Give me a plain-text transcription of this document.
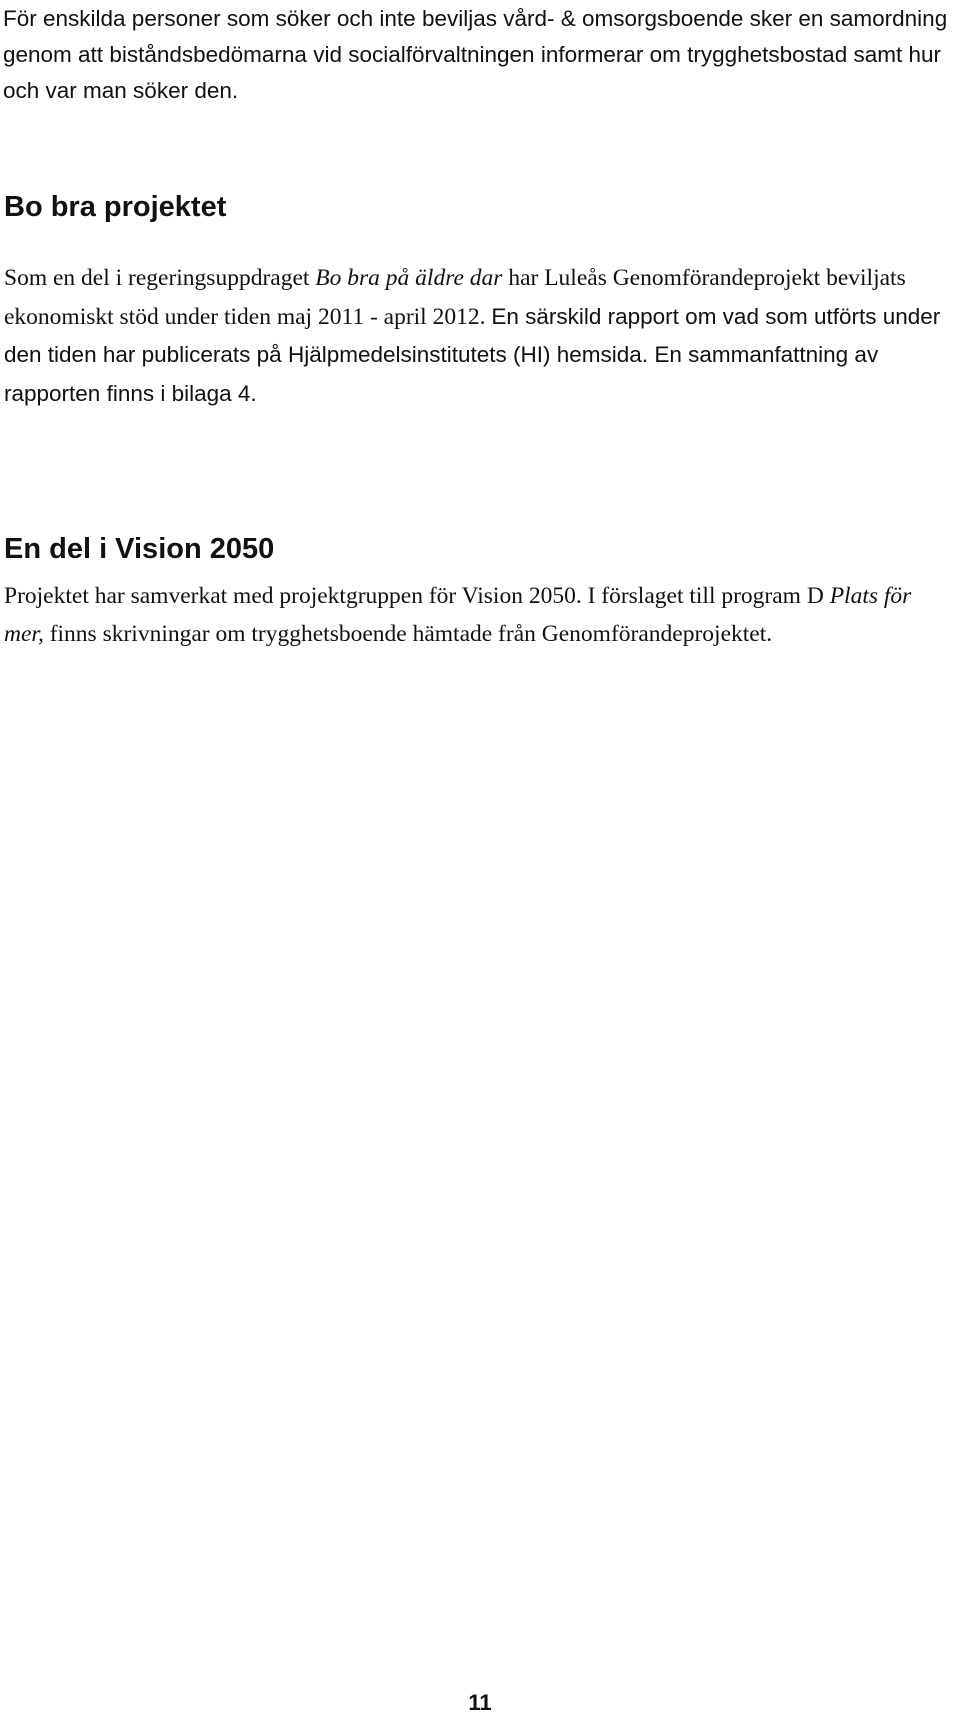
För enskilda personer som söker och inte beviljas vård- & omsorgsboende sker en samordning genom att biståndsbedömarna vid socialförvaltningen informerar om trygghetsbostad samt hur och var man söker den.

Bo bra projektet

Som en del i regeringsuppdraget Bo bra på äldre dar har Luleås Genomförandeprojekt beviljats ekonomiskt stöd under tiden maj 2011 - april 2012. En särskild rapport om vad som utförts under den tiden har publicerats på Hjälpmedelsinstitutets (HI) hemsida. En sammanfattning av rapporten finns i bilaga 4.

En del i Vision 2050

Projektet har samverkat med projektgruppen för Vision 2050. I förslaget till program D Plats för mer, finns skrivningar om trygghetsboende hämtade från Genomförandeprojektet.

11
